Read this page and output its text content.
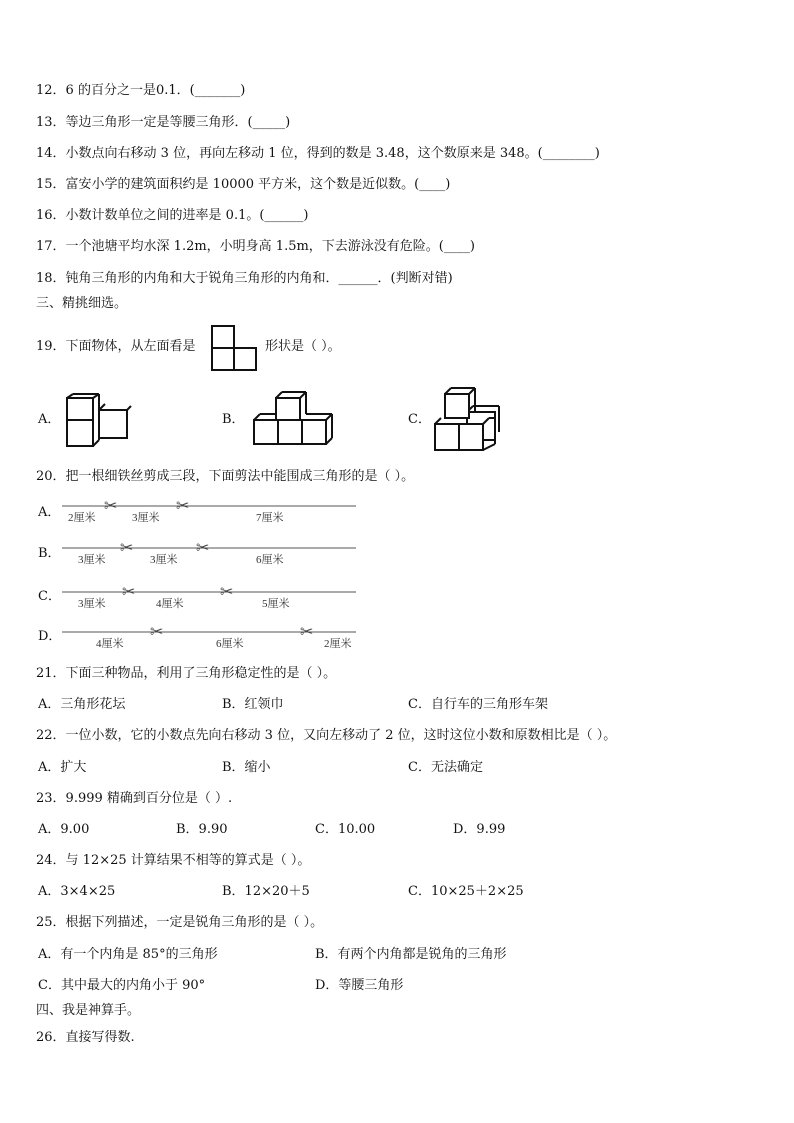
12．6 的百分之一是0.1．(_______)
13．等边三角形一定是等腰三角形．(_____)
14．小数点向右移动 3 位，再向左移动 1 位，得到的数是 3.48，这个数原来是 348。(________)
15．富安小学的建筑面积约是 10000 平方米，这个数是近似数。(____)
16．小数计数单位之间的进率是 0.1。(______)
17．一个池塘平均水深 1.2m，小明身高 1.5m，下去游泳没有危险。(____)
18．钝角三角形的内角和大于锐角三角形的内角和．______．(判断对错)
三、精挑细选。
19．下面物体，从左面看是	形状是（ ）。
A．	B．	C．
20．把一根细铁丝剪成三段，下面剪法中能围成三角形的是（ ）。
A．	✂	✂
2厘米	3厘米	7厘米
B．	✂	✂
3厘米	3厘米	6厘米
C．	✂	✂
3厘米	4厘米	5厘米
D．	✂	✂
4厘米	6厘米	2厘米
21．下面三种物品，利用了三角形稳定性的是（ ）。
A．三角形花坛	B．红领巾	C．自行车的三角形车架
22．一位小数，它的小数点先向右移动 3 位，又向左移动了 2 位，这时这位小数和原数相比是（ ）。
A．扩大	B．缩小	C．无法确定
23．9.999 精确到百分位是（ ）.
A．9.00	B．9.90	C．10.00	D．9.99
24．与 12×25 计算结果不相等的算式是（ ）。
A．3×4×25	B．12×20＋5	C．10×25＋2×25
25．根据下列描述，一定是锐角三角形的是（ ）。
A．有一个内角是 85°的三角形	B．有两个内角都是锐角的三角形
C．其中最大的内角小于 90°	D．等腰三角形
四、我是神算手。
26．直接写得数.
